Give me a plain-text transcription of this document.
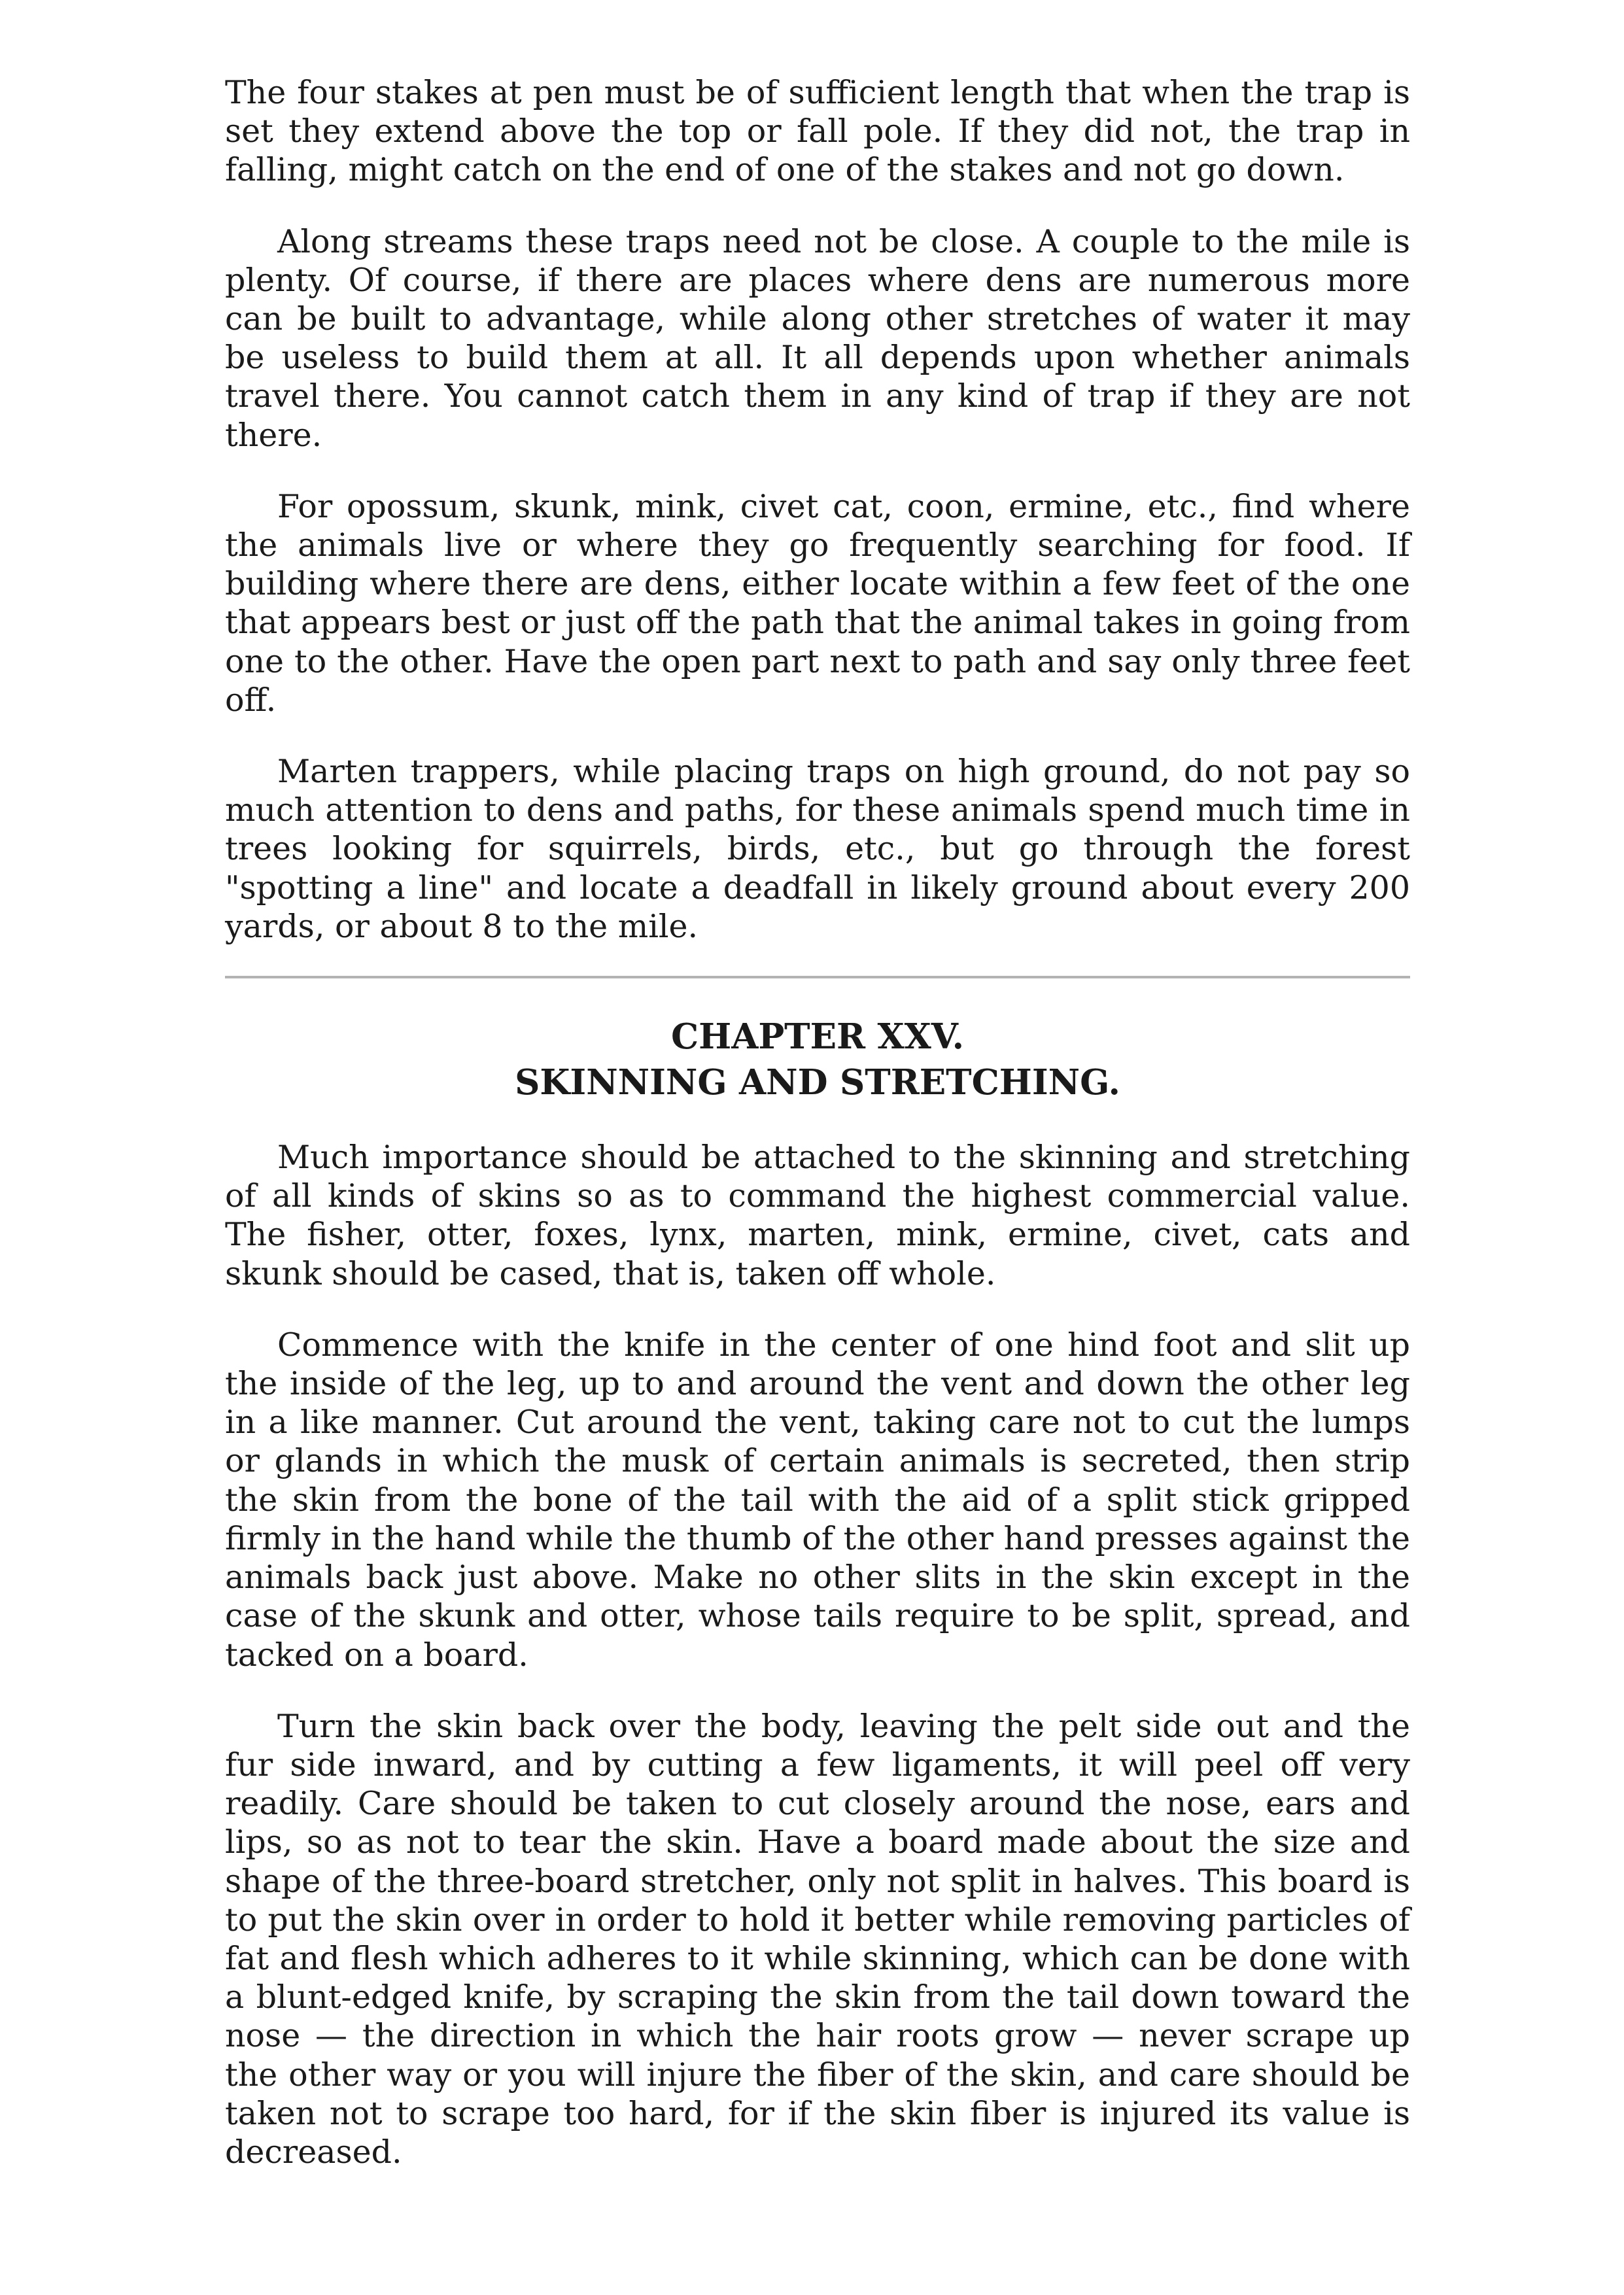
The four stakes at pen must be of sufficient length that when the trap is set they extend above the top or fall pole. If they did not, the trap in falling, might catch on the end of one of the stakes and not go down.

Along streams these traps need not be close. A couple to the mile is plenty. Of course, if there are places where dens are numerous more can be built to advantage, while along other stretches of water it may be useless to build them at all. It all depends upon whether animals travel there. You cannot catch them in any kind of trap if they are not there.

For opossum, skunk, mink, civet cat, coon, ermine, etc., find where the animals live or where they go frequently searching for food. If building where there are dens, either locate within a few feet of the one that appears best or just off the path that the animal takes in going from one to the other. Have the open part next to path and say only three feet off.

Marten trappers, while placing traps on high ground, do not pay so much attention to dens and paths, for these animals spend much time in trees looking for squirrels, birds, etc., but go through the forest "spotting a line" and locate a deadfall in likely ground about every 200 yards, or about 8 to the mile.

CHAPTER XXV.
SKINNING AND STRETCHING.

Much importance should be attached to the skinning and stretching of all kinds of skins so as to command the highest commercial value. The fisher, otter, foxes, lynx, marten, mink, ermine, civet, cats and skunk should be cased, that is, taken off whole.

Commence with the knife in the center of one hind foot and slit up the inside of the leg, up to and around the vent and down the other leg in a like manner. Cut around the vent, taking care not to cut the lumps or glands in which the musk of certain animals is secreted, then strip the skin from the bone of the tail with the aid of a split stick gripped firmly in the hand while the thumb of the other hand presses against the animals back just above. Make no other slits in the skin except in the case of the skunk and otter, whose tails require to be split, spread, and tacked on a board.

Turn the skin back over the body, leaving the pelt side out and the fur side inward, and by cutting a few ligaments, it will peel off very readily. Care should be taken to cut closely around the nose, ears and lips, so as not to tear the skin. Have a board made about the size and shape of the three-board stretcher, only not split in halves. This board is to put the skin over in order to hold it better while removing particles of fat and flesh which adheres to it while skinning, which can be done with a blunt-edged knife, by scraping the skin from the tail down toward the nose — the direction in which the hair roots grow — never scrape up the other way or you will injure the fiber of the skin, and care should be taken not to scrape too hard, for if the skin fiber is injured its value is decreased.
